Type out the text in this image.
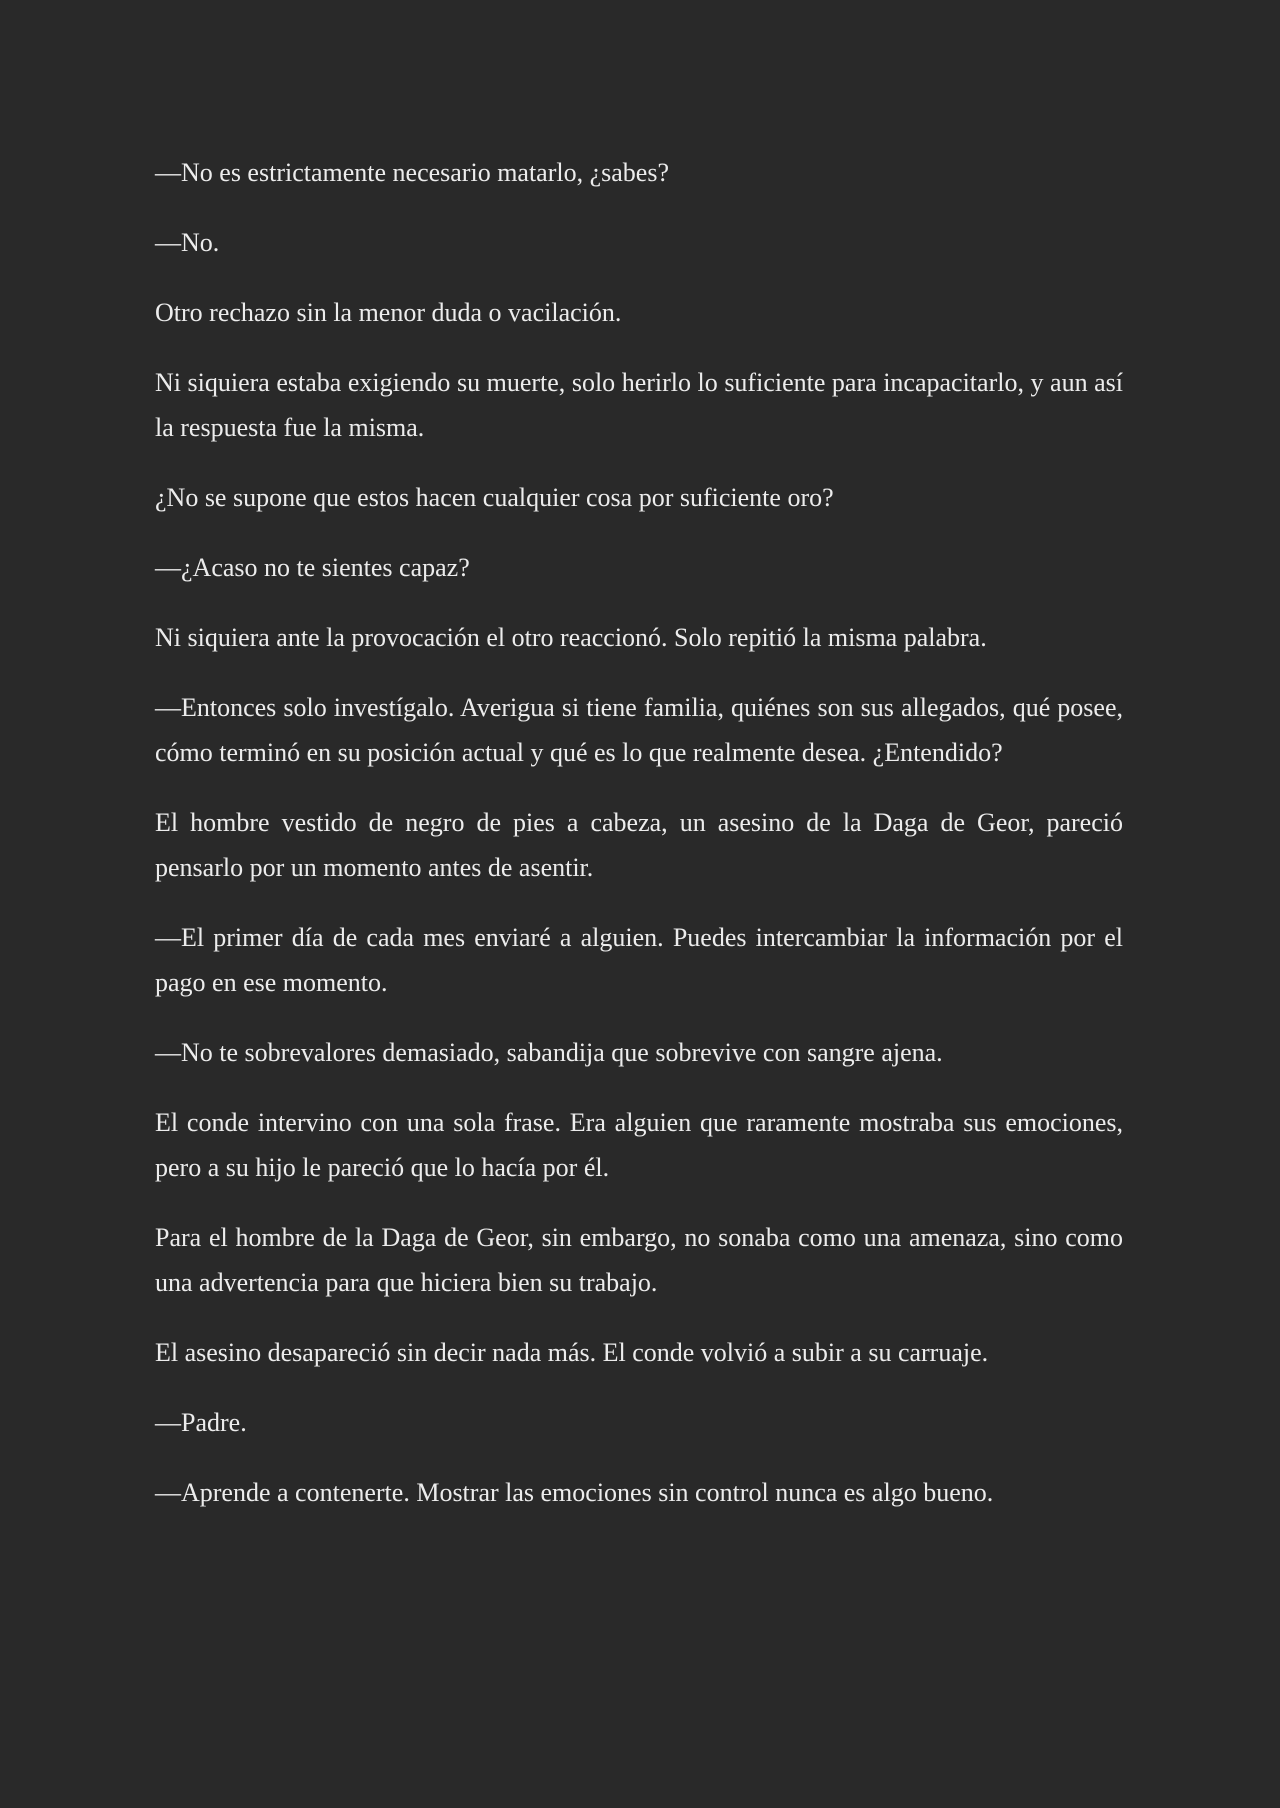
—No es estrictamente necesario matarlo, ¿sabes?

—No.

Otro rechazo sin la menor duda o vacilación.

Ni siquiera estaba exigiendo su muerte, solo herirlo lo suficiente para incapacitarlo, y aun así la respuesta fue la misma.

¿No se supone que estos hacen cualquier cosa por suficiente oro?

—¿Acaso no te sientes capaz?

Ni siquiera ante la provocación el otro reaccionó. Solo repitió la misma palabra.

—Entonces solo investígalo. Averigua si tiene familia, quiénes son sus allegados, qué posee, cómo terminó en su posición actual y qué es lo que realmente desea. ¿Entendido?

El hombre vestido de negro de pies a cabeza, un asesino de la Daga de Geor, pareció pensarlo por un momento antes de asentir.

—El primer día de cada mes enviaré a alguien. Puedes intercambiar la información por el pago en ese momento.

—No te sobrevalores demasiado, sabandija que sobrevive con sangre ajena.

El conde intervino con una sola frase. Era alguien que raramente mostraba sus emociones, pero a su hijo le pareció que lo hacía por él.

Para el hombre de la Daga de Geor, sin embargo, no sonaba como una amenaza, sino como una advertencia para que hiciera bien su trabajo.

El asesino desapareció sin decir nada más. El conde volvió a subir a su carruaje.

—Padre.

—Aprende a contenerte. Mostrar las emociones sin control nunca es algo bueno.
